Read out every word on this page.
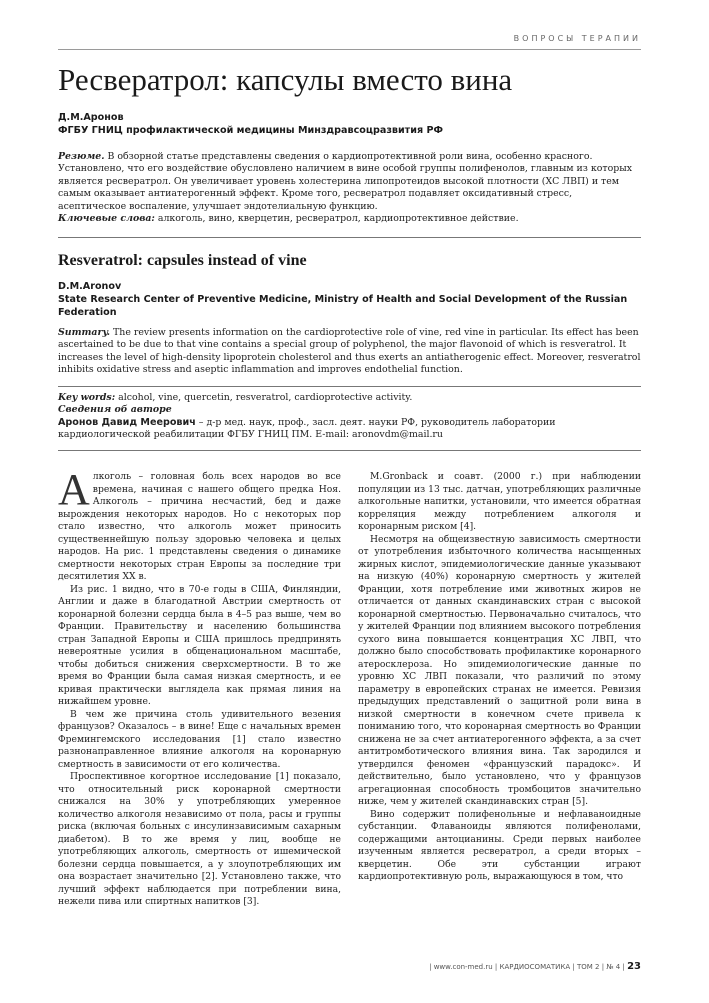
ВОПРОСЫ ТЕРАПИИ
Ресвератрол: капсулы вместо вина
Д.М.Аронов
ФГБУ ГНИЦ профилактической медицины Минздравсоцразвития РФ
Резюме. В обзорной статье представлены сведения о кардиопротективной роли вина, особенно красного. Установлено, что его воздействие обусловлено наличием в вине особой группы полифенолов, главным из которых является ресвератрол. Он увеличивает уровень холестерина липопротеидов высокой плотности (ХС ЛВП) и тем самым оказывает антиатерогенный эффект. Кроме того, ресвератрол подавляет оксидативный стресс, асептическое воспаление, улучшает эндотелиальную функцию.
Ключевые слова: алкоголь, вино, кверцетин, ресвератрол, кардиопротективное действие.
Resveratrol: capsules instead of vine
D.M.Aronov
State Research Center of Preventive Medicine, Ministry of Health and Social Development of the Russian Federation
Summary. The review presents information on the cardioprotective role of vine, red vine in particular. Its effect has been ascertained to be due to that vine contains a special group of polyphenol, the major flavonoid of which is resveratrol. It increases the level of high-density lipoprotein cholesterol and thus exerts an antiatherogenic effect. Moreover, resveratrol inhibits oxidative stress and aseptic inflammation and improves endothelial function.
Key words: alcohol, vine, quercetin, resveratrol, cardioprotective activity.
Сведения об авторе
Аронов Давид Меерович – д-р мед. наук, проф., засл. деят. науки РФ, руководитель лаборатории кардиологической реабилитации ФГБУ ГНИЦ ПМ. E-mail: aronovdm@mail.ru

Алкоголь – головная боль всех народов во все времена, начиная с нашего общего предка Ноя. Алкоголь – причина несчастий, бед и даже вырождения некоторых народов. Но с некоторых пор стало известно, что алкоголь может приносить существеннейшую пользу здоровью человека и целых народов. На рис. 1 представлены сведения о динамике смертности некоторых стран Европы за последние три десятилетия XX в.

Из рис. 1 видно, что в 70-е годы в США, Финляндии, Англии и даже в благодатной Австрии смертность от коронарной болезни сердца была в 4–5 раз выше, чем во Франции. Правительству и населению большинства стран Западной Европы и США пришлось предпринять невероятные усилия в общенациональном масштабе, чтобы добиться снижения сверхсмертности. В то же время во Франции была самая низкая смертность, и ее кривая практически выглядела как прямая линия на нижайшем уровне.

В чем же причина столь удивительного везения французов? Оказалось – в вине! Еще с начальных времен Фремингемского исследования [1] стало известно разнонаправленное влияние алкоголя на коронарную смертность в зависимости от его количества.

Проспективное когортное исследование [1] показало, что относительный риск коронарной смертности снижался на 30% у употребляющих умеренное количество алкоголя независимо от пола, расы и группы риска (включая больных с инсулинзависимым сахарным диабетом). В то же время у лиц, вообще не употребляющих алкоголь, смертность от ишемической болезни сердца повышается, а у злоупотребляющих им она возрастает значительно [2]. Установлено также, что лучший эффект наблюдается при потреблении вина, нежели пива или спиртных напитков [3].

M.Gronback и соавт. (2000 г.) при наблюдении популяции из 13 тыс. датчан, употребляющих различные алкогольные напитки, установили, что имеется обратная корреляция между потреблением алкоголя и коронарным риском [4].

Несмотря на общеизвестную зависимость смертности от употребления избыточного количества насыщенных жирных кислот, эпидемиологические данные указывают на низкую (40%) коронарную смертность у жителей Франции, хотя потребление ими животных жиров не отличается от данных скандинавских стран с высокой коронарной смертностью. Первоначально считалось, что у жителей Франции под влиянием высокого потребления сухого вина повышается концентрация ХС ЛВП, что должно было способствовать профилактике коронарного атеросклероза. Но эпидемиологические данные по уровню ХС ЛВП показали, что различий по этому параметру в европейских странах не имеется. Ревизия предыдущих представлений о защитной роли вина в низкой смертности в конечном счете привела к пониманию того, что коронарная смертность во Франции снижена не за счет антиатерогенного эффекта, а за счет антитромботического влияния вина. Так зародился и утвердился феномен «французский парадокс». И действительно, было установлено, что у французов агрегационная способность тромбоцитов значительно ниже, чем у жителей скандинавских стран [5].

Вино содержит полифенольные и нефлаваноидные субстанции. Флаваноиды являются полифенолами, содержащими антоцианины. Среди первых наиболее изученным является ресвератрол, а среди вторых – кверцетин. Обе эти субстанции играют кардиопротективную роль, выражающуюся в том, что

| www.con-med.ru | КАРДИОСОМАТИКА | ТОМ 2 | № 4 | 23
